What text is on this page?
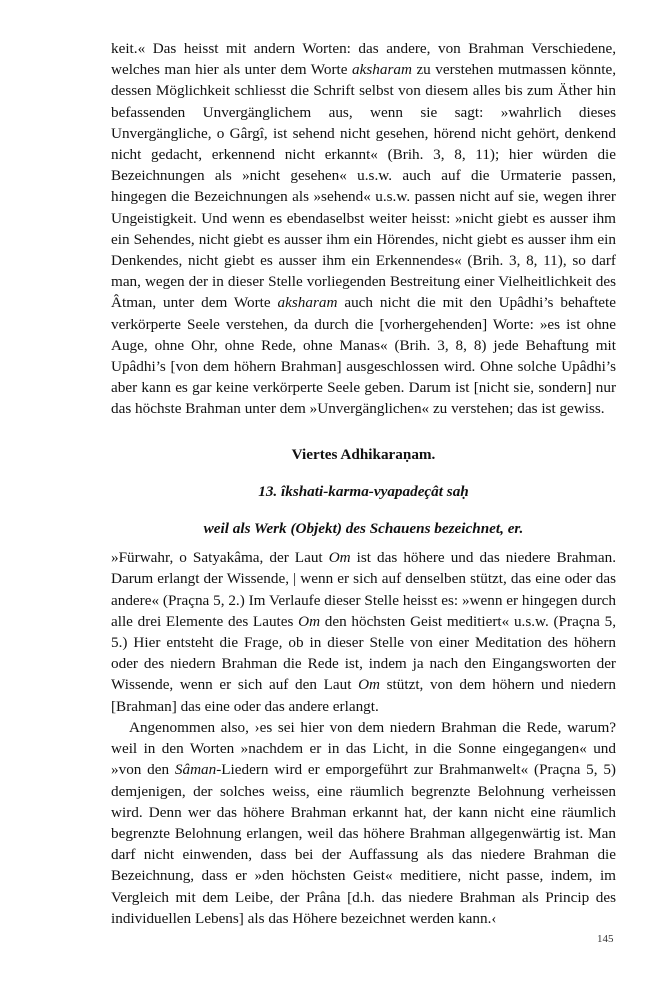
keit.« Das heisst mit andern Worten: das andere, von Brahman Verschiedene, welches man hier als unter dem Worte aksharam zu verstehen mutmassen könnte, dessen Möglichkeit schliesst die Schrift selbst von diesem alles bis zum Äther hin befassenden Unvergänglichem aus, wenn sie sagt: »wahrlich dieses Unvergängliche, o Gârgî, ist sehend nicht gesehen, hörend nicht gehört, denkend nicht gedacht, erkennend nicht erkannt« (Brih. 3, 8, 11); hier würden die Bezeichnungen als »nicht gesehen« u.s.w. auch auf die Urmaterie passen, hingegen die Bezeichnungen als »sehend« u.s.w. passen nicht auf sie, wegen ihrer Ungeistigkeit. Und wenn es ebendaselbst weiter heisst: »nicht giebt es ausser ihm ein Sehendes, nicht giebt es ausser ihm ein Hörendes, nicht giebt es ausser ihm ein Denkendes, nicht giebt es ausser ihm ein Erkennendes« (Brih. 3, 8, 11), so darf man, wegen der in dieser Stelle vorliegenden Bestreitung einer Vielheitlichkeit des Âtman, unter dem Worte aksharam auch nicht die mit den Upâdhi’s behaftete verkörperte Seele verstehen, da durch die [vorhergehenden] Worte: »es ist ohne Auge, ohne Ohr, ohne Rede, ohne Manas« (Brih. 3, 8, 8) jede Behaftung mit Upâdhi’s [von dem höhern Brahman] ausgeschlossen wird. Ohne solche Upâdhi’s aber kann es gar keine verkörperte Seele geben. Darum ist [nicht sie, sondern] nur das höchste Brahman unter dem »Unvergänglichen« zu verstehen; das ist gewiss.

Viertes Adhikaraṇam.

13. îkshati-karma-vyapadeçât saḥ

weil als Werk (Objekt) des Schauens bezeichnet, er.

»Fürwahr, o Satyakâma, der Laut Om ist das höhere und das niedere Brahman. Darum erlangt der Wissende, | wenn er sich auf denselben stützt, das eine oder das andere« (Praçna 5, 2.) Im Verlaufe dieser Stelle heisst es: »wenn er hingegen durch alle drei Elemente des Lautes Om den höchsten Geist meditiert« u.s.w. (Praçna 5, 5.) Hier entsteht die Frage, ob in dieser Stelle von einer Meditation des höhern oder des niedern Brahman die Rede ist, indem ja nach den Eingangsworten der Wissende, wenn er sich auf den Laut Om stützt, von dem höhern und niedern [Brahman] das eine oder das andere erlangt.

Angenommen also, ›es sei hier von dem niedern Brahman die Rede, warum? weil in den Worten »nachdem er in das Licht, in die Sonne eingegangen« und »von den Sâman-Liedern wird er emporgeführt zur Brahmanwelt« (Praçna 5, 5) demjenigen, der solches weiss, eine räumlich begrenzte Belohnung verheissen wird. Denn wer das höhere Brahman erkannt hat, der kann nicht eine räumlich begrenzte Belohnung erlangen, weil das höhere Brahman allgegenwärtig ist. Man darf nicht einwenden, dass bei der Auffassung als das niedere Brahman die Bezeichnung, dass er »den höchsten Geist« meditiere, nicht passe, indem, im Vergleich mit dem Leibe, der Prâna [d.h. das niedere Brahman als Princip des individuellen Lebens] als das Höhere bezeichnet werden kann.‹

145
